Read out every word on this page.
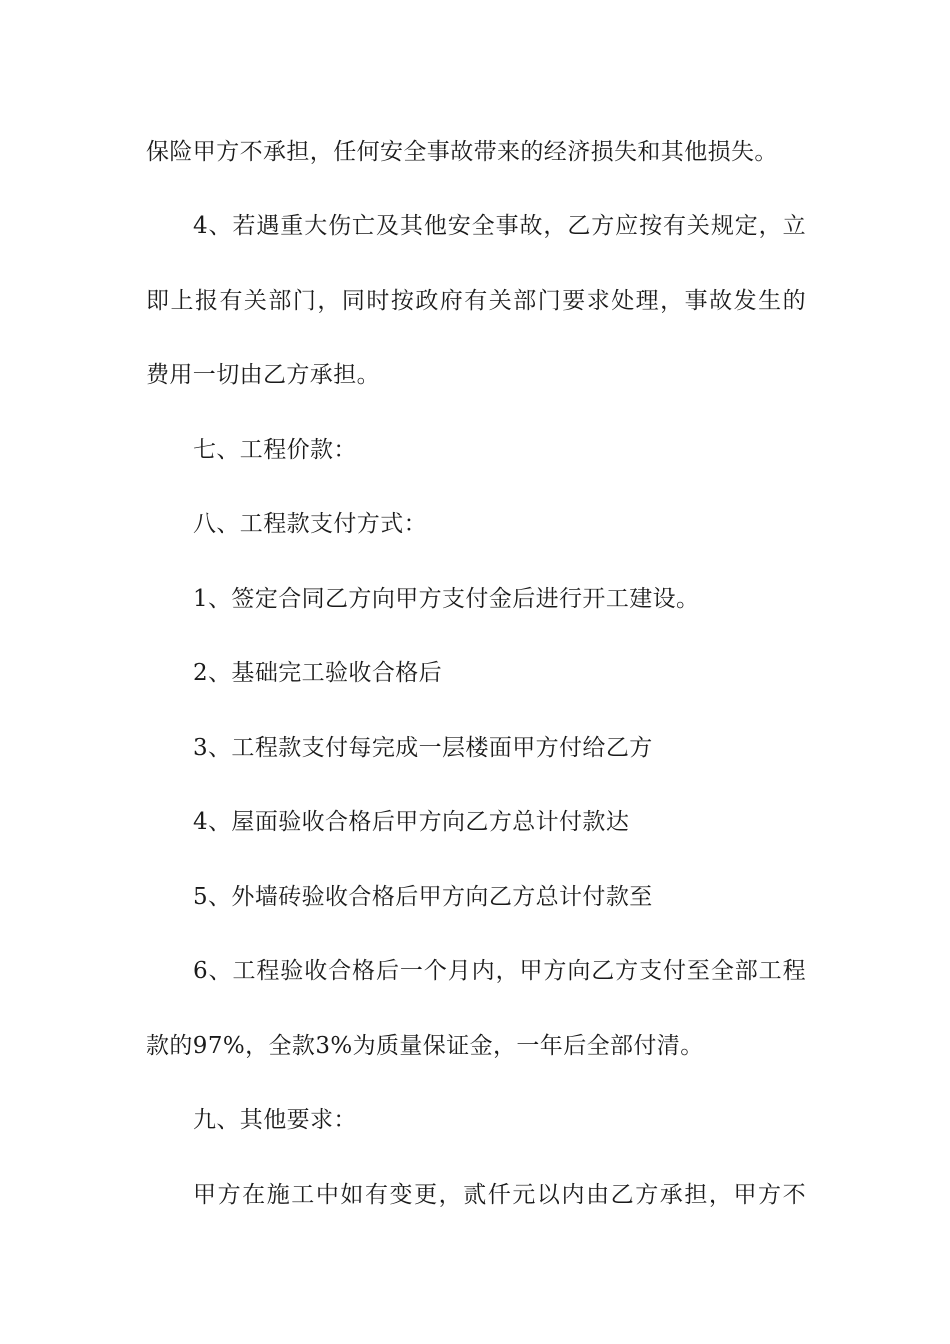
保险甲方不承担，任何安全事故带来的经济损失和其他损失。
4、若遇重大伤亡及其他安全事故，乙方应按有关规定，立
即上报有关部门，同时按政府有关部门要求处理，事故发生的
费用一切由乙方承担。
七、工程价款：
八、工程款支付方式：
1、签定合同乙方向甲方支付金后进行开工建设。
2、基础完工验收合格后
3、工程款支付每完成一层楼面甲方付给乙方
4、屋面验收合格后甲方向乙方总计付款达
5、外墙砖验收合格后甲方向乙方总计付款至
6、工程验收合格后一个月内，甲方向乙方支付至全部工程
款的97%，全款3%为质量保证金，一年后全部付清。
九、其他要求：
甲方在施工中如有变更，贰仟元以内由乙方承担，甲方不
